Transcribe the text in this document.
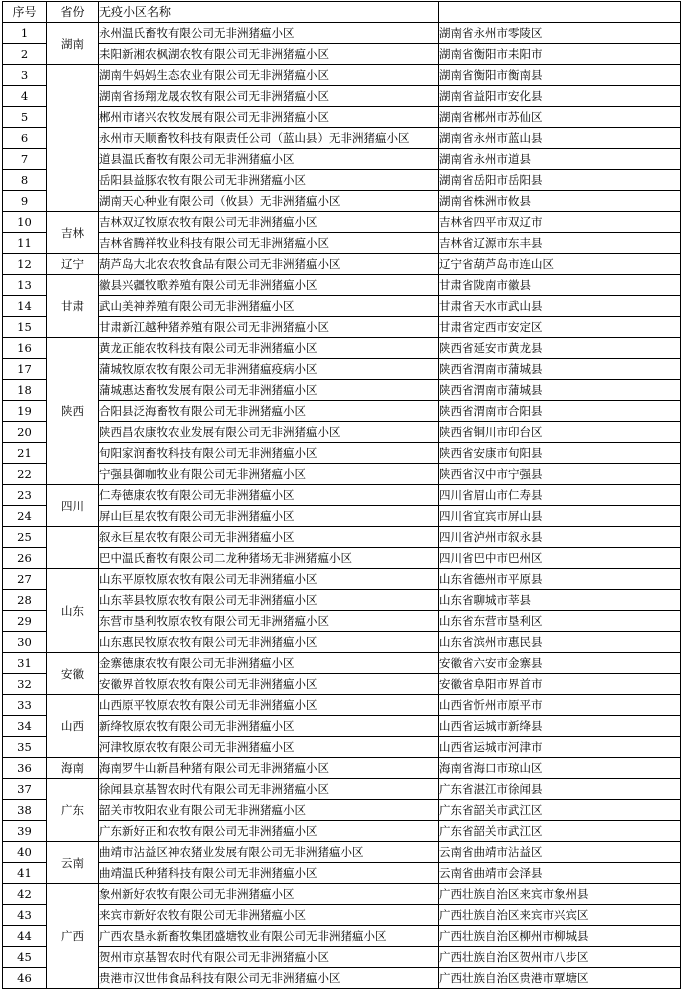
序号	省份	无疫小区名称	
1	湖南	永州温氏畜牧有限公司无非洲猪瘟小区	湖南省永州市零陵区
2		耒阳新湘农枫湖农牧有限公司无非洲猪瘟小区	湖南省衡阳市耒阳市
3		湖南牛妈妈生态农业有限公司无非洲猪瘟小区	湖南省衡阳市衡南县
4		湖南省扬翔龙晟农牧有限公司无非洲猪瘟小区	湖南省益阳市安化县
5		郴州市诸兴农牧发展有限公司无非洲猪瘟小区	湖南省郴州市苏仙区
6		永州市天顺畜牧科技有限责任公司（蓝山县）无非洲猪瘟小区	湖南省永州市蓝山县
7		道县温氏畜牧有限公司无非洲猪瘟小区	湖南省永州市道县
8		岳阳县益豚农牧有限公司无非洲猪瘟小区	湖南省岳阳市岳阳县
9		湖南天心种业有限公司（攸县）无非洲猪瘟小区	湖南省株洲市攸县
10	吉林	吉林双辽牧原农牧有限公司无非洲猪瘟小区	吉林省四平市双辽市
11		吉林省腾祥牧业科技有限公司无非洲猪瘟小区	吉林省辽源市东丰县
12	辽宁	葫芦岛大北农农牧食品有限公司无非洲猪瘟小区	辽宁省葫芦岛市连山区
13	甘肃	徽县兴疆牧歌养殖有限公司无非洲猪瘟小区	甘肃省陇南市徽县
14		武山美神养殖有限公司无非洲猪瘟小区	甘肃省天水市武山县
15		甘肃新江越种猪养殖有限公司无非洲猪瘟小区	甘肃省定西市安定区
16	陕西	黄龙正能农牧科技有限公司无非洲猪瘟小区	陕西省延安市黄龙县
17		蒲城牧原农牧有限公司无非洲猪瘟疫病小区	陕西省渭南市蒲城县
18		蒲城惠达畜牧发展有限公司无非洲猪瘟小区	陕西省渭南市蒲城县
19		合阳县泛海畜牧有限公司无非洲猪瘟小区	陕西省渭南市合阳县
20		陕西昌农康牧农业发展有限公司无非洲猪瘟小区	陕西省铜川市印台区
21		旬阳家润畜牧科技有限公司无非洲猪瘟小区	陕西省安康市旬阳县
22		宁强县御咖牧业有限公司无非洲猪瘟小区	陕西省汉中市宁强县
23	四川	仁寿德康农牧有限公司无非洲猪瘟小区	四川省眉山市仁寿县
24		屏山巨星农牧有限公司无非洲猪瘟小区	四川省宜宾市屏山县
25		叙永巨星农牧有限公司无非洲猪瘟小区	四川省泸州市叙永县
26		巴中温氏畜牧有限公司二龙种猪场无非洲猪瘟小区	四川省巴中市巴州区
27	山东	山东平原牧原农牧有限公司无非洲猪瘟小区	山东省德州市平原县
28		山东莘县牧原农牧有限公司无非洲猪瘟小区	山东省聊城市莘县
29		东营市垦利牧原农牧有限公司无非洲猪瘟小区	山东省东营市垦利区
30		山东惠民牧原农牧有限公司无非洲猪瘟小区	山东省滨州市惠民县
31	安徽	金寨德康农牧有限公司无非洲猪瘟小区	安徽省六安市金寨县
32		安徽界首牧原农牧有限公司无非洲猪瘟小区	安徽省阜阳市界首市
33	山西	山西原平牧原农牧有限公司无非洲猪瘟小区	山西省忻州市原平市
34		新绛牧原农牧有限公司无非洲猪瘟小区	山西省运城市新绛县
35		河津牧原农牧有限公司无非洲猪瘟小区	山西省运城市河津市
36	海南	海南罗牛山新昌种猪有限公司无非洲猪瘟小区	海南省海口市琼山区
37	广东	徐闻县京基智农时代有限公司无非洲猪瘟小区	广东省湛江市徐闻县
38		韶关市牧阳农业有限公司无非洲猪瘟小区	广东省韶关市武江区
39		广东新好正和农牧有限公司无非洲猪瘟小区	广东省韶关市武江区
40	云南	曲靖市沾益区神农猪业发展有限公司无非洲猪瘟小区	云南省曲靖市沾益区
41		曲靖温氏种猪科技有限公司无非洲猪瘟小区	云南省曲靖市会泽县
42	广西	象州新好农牧有限公司无非洲猪瘟小区	广西壮族自治区来宾市象州县
43		来宾市新好农牧有限公司无非洲猪瘟小区	广西壮族自治区来宾市兴宾区
44		广西农垦永新畜牧集团盛塘牧业有限公司无非洲猪瘟小区	广西壮族自治区柳州市柳城县
45		贺州市京基智农时代有限公司无非洲猪瘟小区	广西壮族自治区贺州市八步区
46		贵港市汉世伟食品科技有限公司无非洲猪瘟小区	广西壮族自治区贵港市覃塘区
